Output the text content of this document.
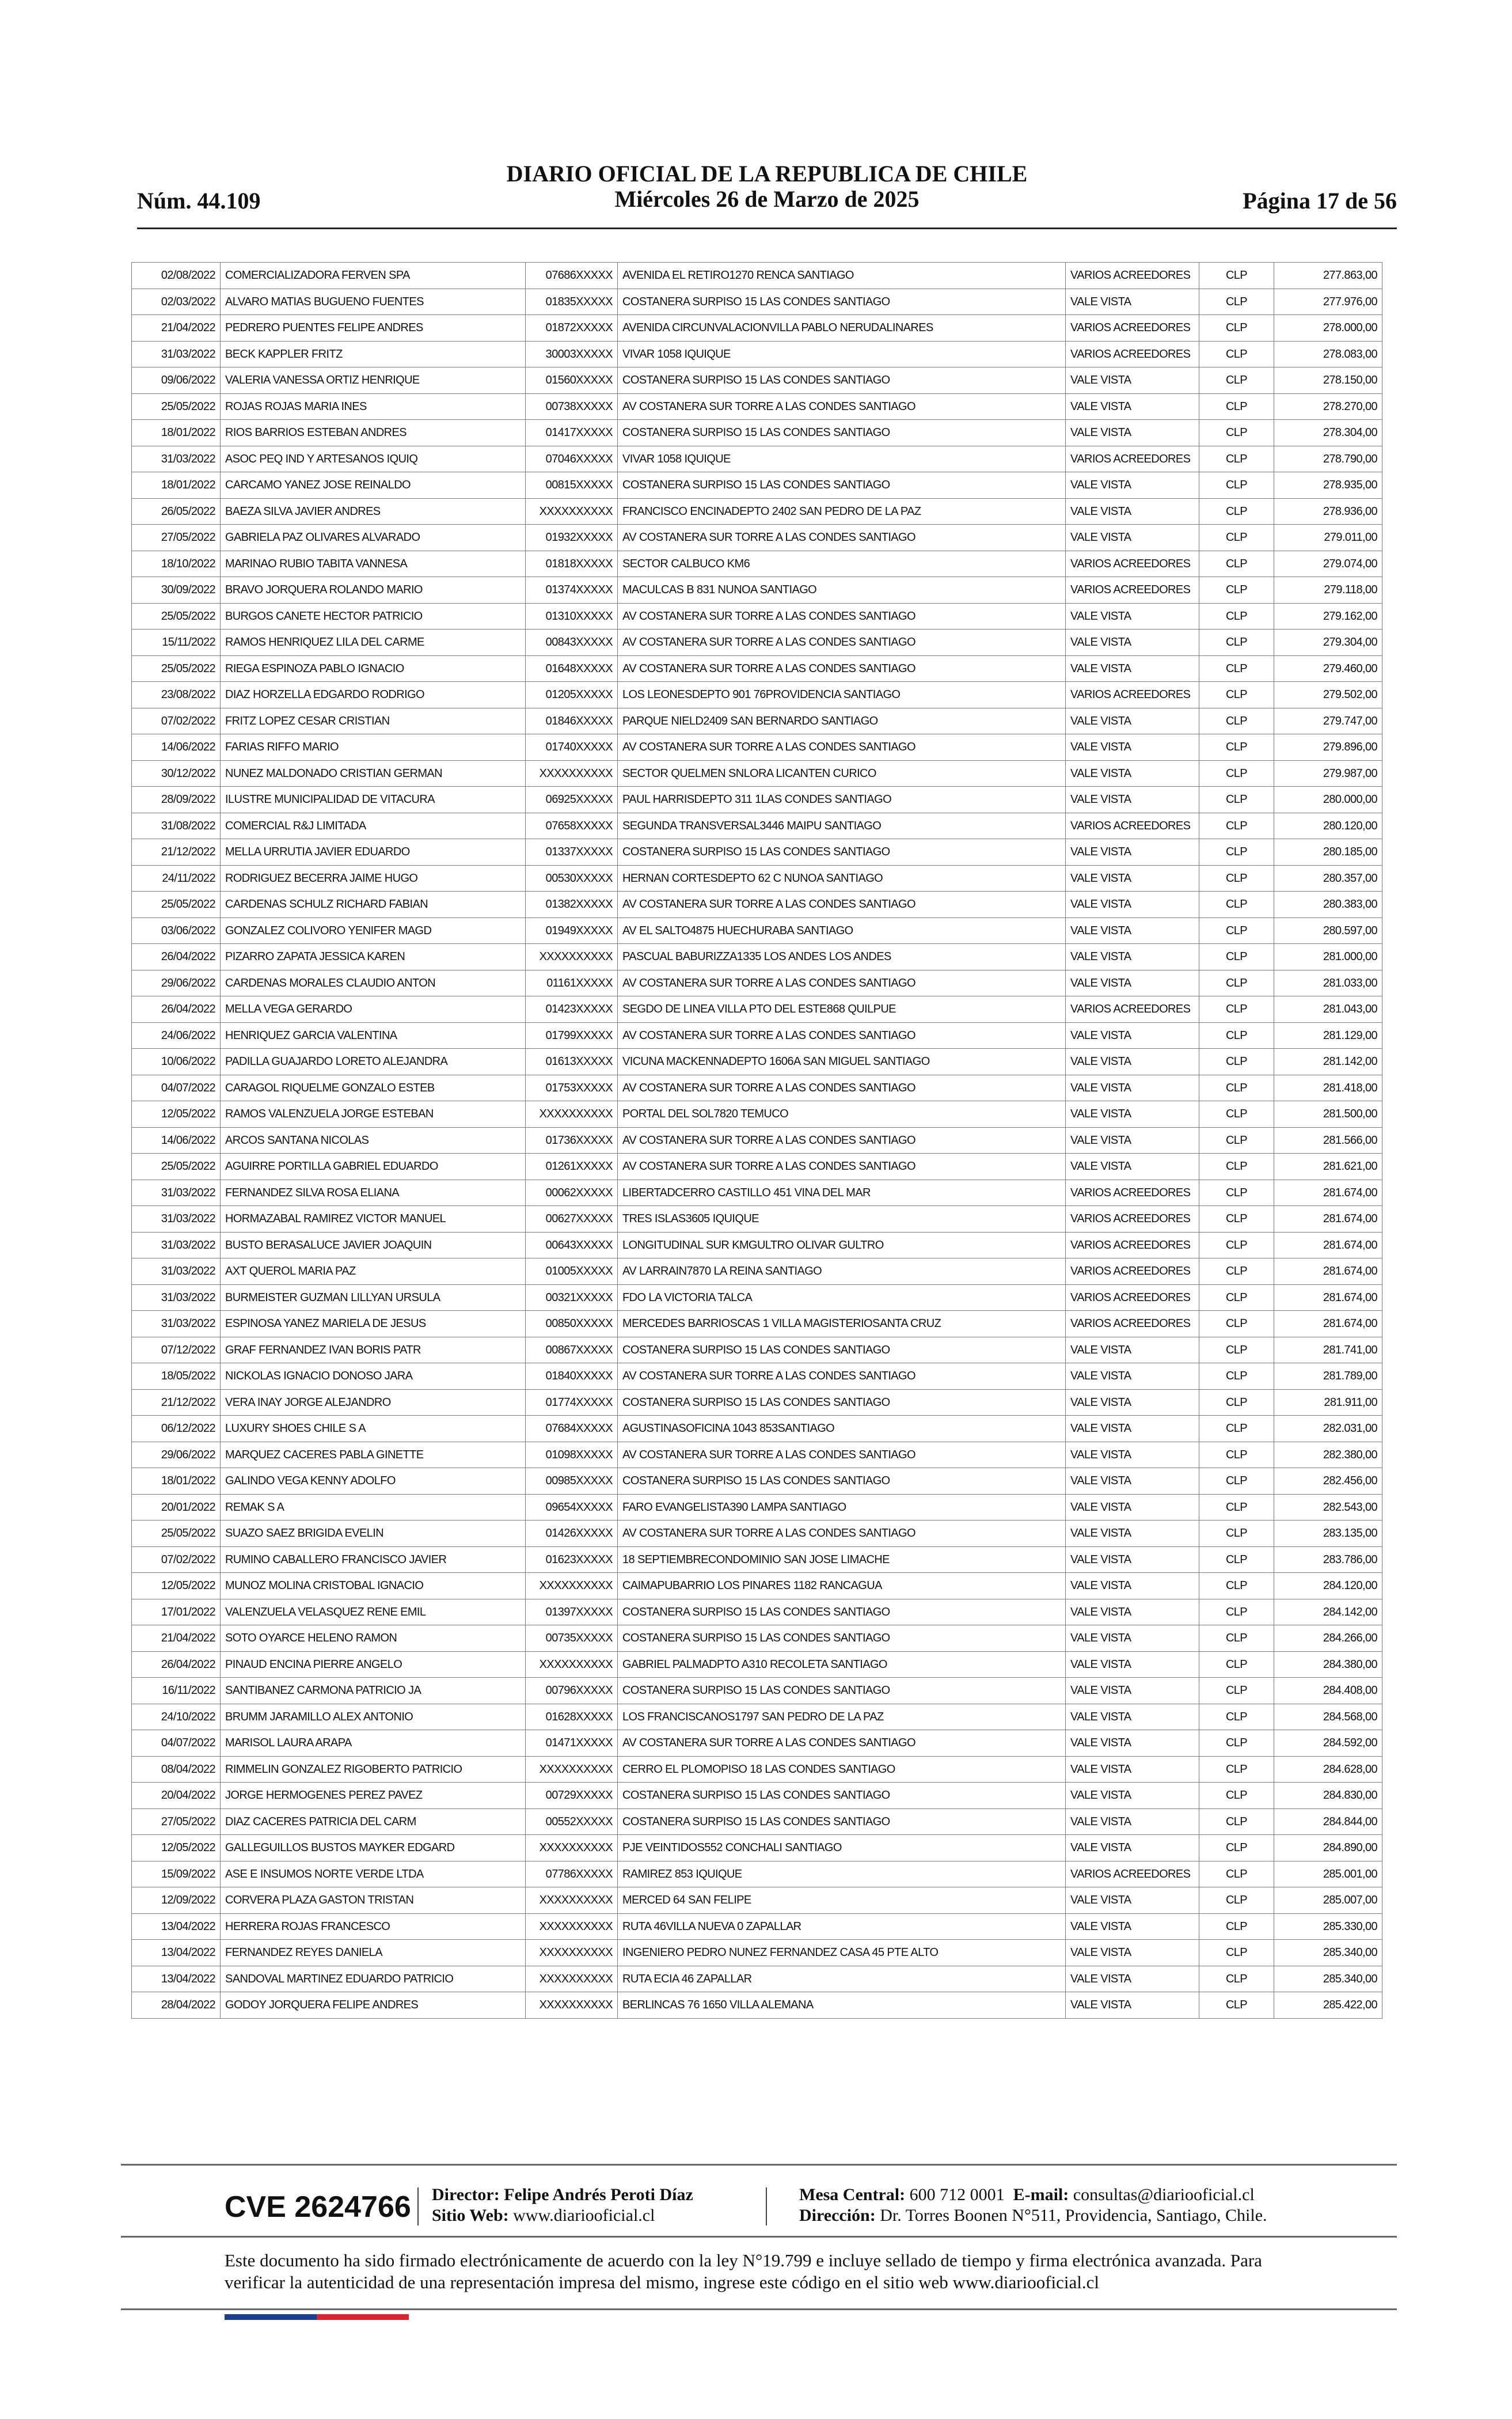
Núm. 44.109
DIARIO OFICIAL DE LA REPUBLICA DE CHILE
Miércoles 26 de Marzo de 2025	Página 17 de 56
02/08/2022	COMERCIALIZADORA FERVEN SPA	07686XXXXX	AVENIDA EL RETIRO1270 RENCA SANTIAGO	VARIOS ACREEDORES	CLP	277.863,00
02/03/2022	ALVARO MATIAS BUGUENO FUENTES	01835XXXXX	COSTANERA SURPISO 15 LAS CONDES SANTIAGO	VALE VISTA	CLP	277.976,00
21/04/2022	PEDRERO PUENTES FELIPE ANDRES	01872XXXXX	AVENIDA CIRCUNVALACIONVILLA PABLO NERUDALINARES	VARIOS ACREEDORES	CLP	278.000,00
31/03/2022	BECK KAPPLER FRITZ	30003XXXXX	VIVAR 1058 IQUIQUE	VARIOS ACREEDORES	CLP	278.083,00
09/06/2022	VALERIA VANESSA ORTIZ HENRIQUE	01560XXXXX	COSTANERA SURPISO 15 LAS CONDES SANTIAGO	VALE VISTA	CLP	278.150,00
25/05/2022	ROJAS ROJAS MARIA INES	00738XXXXX	AV COSTANERA SUR TORRE A LAS CONDES SANTIAGO	VALE VISTA	CLP	278.270,00
18/01/2022	RIOS BARRIOS ESTEBAN ANDRES	01417XXXXX	COSTANERA SURPISO 15 LAS CONDES SANTIAGO	VALE VISTA	CLP	278.304,00
31/03/2022	ASOC PEQ IND Y ARTESANOS IQUIQ	07046XXXXX	VIVAR 1058 IQUIQUE	VARIOS ACREEDORES	CLP	278.790,00
18/01/2022	CARCAMO YANEZ JOSE REINALDO	00815XXXXX	COSTANERA SURPISO 15 LAS CONDES SANTIAGO	VALE VISTA	CLP	278.935,00
26/05/2022	BAEZA SILVA JAVIER ANDRES	XXXXXXXXXX	FRANCISCO ENCINADEPTO 2402 SAN PEDRO DE LA PAZ	VALE VISTA	CLP	278.936,00
27/05/2022	GABRIELA PAZ OLIVARES ALVARADO	01932XXXXX	AV COSTANERA SUR TORRE A LAS CONDES SANTIAGO	VALE VISTA	CLP	279.011,00
18/10/2022	MARINAO RUBIO TABITA VANNESA	01818XXXXX	SECTOR CALBUCO KM6	VARIOS ACREEDORES	CLP	279.074,00
30/09/2022	BRAVO JORQUERA ROLANDO MARIO	01374XXXXX	MACULCAS B 831 NUNOA SANTIAGO	VARIOS ACREEDORES	CLP	279.118,00
25/05/2022	BURGOS CANETE HECTOR PATRICIO	01310XXXXX	AV COSTANERA SUR TORRE A LAS CONDES SANTIAGO	VALE VISTA	CLP	279.162,00
15/11/2022	RAMOS HENRIQUEZ LILA DEL CARME	00843XXXXX	AV COSTANERA SUR TORRE A LAS CONDES SANTIAGO	VALE VISTA	CLP	279.304,00
25/05/2022	RIEGA ESPINOZA PABLO IGNACIO	01648XXXXX	AV COSTANERA SUR TORRE A LAS CONDES SANTIAGO	VALE VISTA	CLP	279.460,00
23/08/2022	DIAZ HORZELLA EDGARDO RODRIGO	01205XXXXX	LOS LEONESDEPTO 901 76PROVIDENCIA SANTIAGO	VARIOS ACREEDORES	CLP	279.502,00
07/02/2022	FRITZ LOPEZ CESAR CRISTIAN	01846XXXXX	PARQUE NIELD2409 SAN BERNARDO SANTIAGO	VALE VISTA	CLP	279.747,00
14/06/2022	FARIAS RIFFO MARIO	01740XXXXX	AV COSTANERA SUR TORRE A LAS CONDES SANTIAGO	VALE VISTA	CLP	279.896,00
30/12/2022	NUNEZ MALDONADO CRISTIAN GERMAN	XXXXXXXXXX	SECTOR QUELMEN SNLORA LICANTEN CURICO	VALE VISTA	CLP	279.987,00
28/09/2022	ILUSTRE MUNICIPALIDAD DE VITACURA	06925XXXXX	PAUL HARRISDEPTO 311 1LAS CONDES SANTIAGO	VALE VISTA	CLP	280.000,00
31/08/2022	COMERCIAL R&J LIMITADA	07658XXXXX	SEGUNDA TRANSVERSAL3446 MAIPU SANTIAGO	VARIOS ACREEDORES	CLP	280.120,00
21/12/2022	MELLA URRUTIA JAVIER EDUARDO	01337XXXXX	COSTANERA SURPISO 15 LAS CONDES SANTIAGO	VALE VISTA	CLP	280.185,00
24/11/2022	RODRIGUEZ BECERRA JAIME HUGO	00530XXXXX	HERNAN CORTESDEPTO 62 C NUNOA SANTIAGO	VALE VISTA	CLP	280.357,00
25/05/2022	CARDENAS SCHULZ RICHARD FABIAN	01382XXXXX	AV COSTANERA SUR TORRE A LAS CONDES SANTIAGO	VALE VISTA	CLP	280.383,00
03/06/2022	GONZALEZ COLIVORO YENIFER MAGD	01949XXXXX	AV EL SALTO4875 HUECHURABA SANTIAGO	VALE VISTA	CLP	280.597,00
26/04/2022	PIZARRO ZAPATA JESSICA KAREN	XXXXXXXXXX	PASCUAL BABURIZZA1335 LOS ANDES LOS ANDES	VALE VISTA	CLP	281.000,00
29/06/2022	CARDENAS MORALES CLAUDIO ANTON	01161XXXXX	AV COSTANERA SUR TORRE A LAS CONDES SANTIAGO	VALE VISTA	CLP	281.033,00
26/04/2022	MELLA VEGA GERARDO	01423XXXXX	SEGDO DE LINEA VILLA PTO DEL ESTE868 QUILPUE	VARIOS ACREEDORES	CLP	281.043,00
24/06/2022	HENRIQUEZ GARCIA VALENTINA	01799XXXXX	AV COSTANERA SUR TORRE A LAS CONDES SANTIAGO	VALE VISTA	CLP	281.129,00
10/06/2022	PADILLA GUAJARDO LORETO ALEJANDRA	01613XXXXX	VICUNA MACKENNADEPTO 1606A SAN MIGUEL SANTIAGO	VALE VISTA	CLP	281.142,00
04/07/2022	CARAGOL RIQUELME GONZALO ESTEB	01753XXXXX	AV COSTANERA SUR TORRE A LAS CONDES SANTIAGO	VALE VISTA	CLP	281.418,00
12/05/2022	RAMOS VALENZUELA JORGE ESTEBAN	XXXXXXXXXX	PORTAL DEL SOL7820 TEMUCO	VALE VISTA	CLP	281.500,00
14/06/2022	ARCOS SANTANA NICOLAS	01736XXXXX	AV COSTANERA SUR TORRE A LAS CONDES SANTIAGO	VALE VISTA	CLP	281.566,00
25/05/2022	AGUIRRE PORTILLA GABRIEL EDUARDO	01261XXXXX	AV COSTANERA SUR TORRE A LAS CONDES SANTIAGO	VALE VISTA	CLP	281.621,00
31/03/2022	FERNANDEZ SILVA ROSA ELIANA	00062XXXXX	LIBERTADCERRO CASTILLO 451 VINA DEL MAR	VARIOS ACREEDORES	CLP	281.674,00
31/03/2022	HORMAZABAL RAMIREZ VICTOR MANUEL	00627XXXXX	TRES ISLAS3605 IQUIQUE	VARIOS ACREEDORES	CLP	281.674,00
31/03/2022	BUSTO BERASALUCE JAVIER JOAQUIN	00643XXXXX	LONGITUDINAL SUR KMGULTRO OLIVAR GULTRO	VARIOS ACREEDORES	CLP	281.674,00
31/03/2022	AXT QUEROL MARIA PAZ	01005XXXXX	AV LARRAIN7870 LA REINA SANTIAGO	VARIOS ACREEDORES	CLP	281.674,00
31/03/2022	BURMEISTER GUZMAN LILLYAN URSULA	00321XXXXX	FDO LA VICTORIA TALCA	VARIOS ACREEDORES	CLP	281.674,00
31/03/2022	ESPINOSA YANEZ MARIELA DE JESUS	00850XXXXX	MERCEDES BARRIOSCAS 1 VILLA MAGISTERIOSANTA CRUZ	VARIOS ACREEDORES	CLP	281.674,00
07/12/2022	GRAF FERNANDEZ IVAN BORIS PATR	00867XXXXX	COSTANERA SURPISO 15 LAS CONDES SANTIAGO	VALE VISTA	CLP	281.741,00
18/05/2022	NICKOLAS IGNACIO DONOSO JARA	01840XXXXX	AV COSTANERA SUR TORRE A LAS CONDES SANTIAGO	VALE VISTA	CLP	281.789,00
21/12/2022	VERA INAY JORGE ALEJANDRO	01774XXXXX	COSTANERA SURPISO 15 LAS CONDES SANTIAGO	VALE VISTA	CLP	281.911,00
06/12/2022	LUXURY SHOES CHILE S A	07684XXXXX	AGUSTINASOFICINA 1043 853SANTIAGO	VALE VISTA	CLP	282.031,00
29/06/2022	MARQUEZ CACERES PABLA GINETTE	01098XXXXX	AV COSTANERA SUR TORRE A LAS CONDES SANTIAGO	VALE VISTA	CLP	282.380,00
18/01/2022	GALINDO VEGA KENNY ADOLFO	00985XXXXX	COSTANERA SURPISO 15 LAS CONDES SANTIAGO	VALE VISTA	CLP	282.456,00
20/01/2022	REMAK S A	09654XXXXX	FARO EVANGELISTA390 LAMPA SANTIAGO	VALE VISTA	CLP	282.543,00
25/05/2022	SUAZO SAEZ BRIGIDA EVELIN	01426XXXXX	AV COSTANERA SUR TORRE A LAS CONDES SANTIAGO	VALE VISTA	CLP	283.135,00
07/02/2022	RUMINO CABALLERO FRANCISCO JAVIER	01623XXXXX	18 SEPTIEMBRECONDOMINIO SAN JOSE LIMACHE	VALE VISTA	CLP	283.786,00
12/05/2022	MUNOZ MOLINA CRISTOBAL IGNACIO	XXXXXXXXXX	CAIMAPUBARRIO LOS PINARES 1182 RANCAGUA	VALE VISTA	CLP	284.120,00
17/01/2022	VALENZUELA VELASQUEZ RENE EMIL	01397XXXXX	COSTANERA SURPISO 15 LAS CONDES SANTIAGO	VALE VISTA	CLP	284.142,00
21/04/2022	SOTO OYARCE HELENO RAMON	00735XXXXX	COSTANERA SURPISO 15 LAS CONDES SANTIAGO	VALE VISTA	CLP	284.266,00
26/04/2022	PINAUD ENCINA PIERRE ANGELO	XXXXXXXXXX	GABRIEL PALMADPTO A310 RECOLETA SANTIAGO	VALE VISTA	CLP	284.380,00
16/11/2022	SANTIBANEZ CARMONA PATRICIO JA	00796XXXXX	COSTANERA SURPISO 15 LAS CONDES SANTIAGO	VALE VISTA	CLP	284.408,00
24/10/2022	BRUMM JARAMILLO ALEX ANTONIO	01628XXXXX	LOS FRANCISCANOS1797 SAN PEDRO DE LA PAZ	VALE VISTA	CLP	284.568,00
04/07/2022	MARISOL LAURA ARAPA	01471XXXXX	AV COSTANERA SUR TORRE A LAS CONDES SANTIAGO	VALE VISTA	CLP	284.592,00
08/04/2022	RIMMELIN GONZALEZ RIGOBERTO PATRICIO	XXXXXXXXXX	CERRO EL PLOMOPISO 18 LAS CONDES SANTIAGO	VALE VISTA	CLP	284.628,00
20/04/2022	JORGE HERMOGENES PEREZ PAVEZ	00729XXXXX	COSTANERA SURPISO 15 LAS CONDES SANTIAGO	VALE VISTA	CLP	284.830,00
27/05/2022	DIAZ CACERES PATRICIA DEL CARM	00552XXXXX	COSTANERA SURPISO 15 LAS CONDES SANTIAGO	VALE VISTA	CLP	284.844,00
12/05/2022	GALLEGUILLOS BUSTOS MAYKER EDGARD	XXXXXXXXXX	PJE VEINTIDOS552 CONCHALI SANTIAGO	VALE VISTA	CLP	284.890,00
15/09/2022	ASE E INSUMOS NORTE VERDE LTDA	07786XXXXX	RAMIREZ 853 IQUIQUE	VARIOS ACREEDORES	CLP	285.001,00
12/09/2022	CORVERA PLAZA GASTON TRISTAN	XXXXXXXXXX	MERCED 64 SAN FELIPE	VALE VISTA	CLP	285.007,00
13/04/2022	HERRERA ROJAS FRANCESCO	XXXXXXXXXX	RUTA 46VILLA NUEVA 0 ZAPALLAR	VALE VISTA	CLP	285.330,00
13/04/2022	FERNANDEZ REYES DANIELA	XXXXXXXXXX	INGENIERO PEDRO NUNEZ FERNANDEZ CASA 45 PTE ALTO	VALE VISTA	CLP	285.340,00
13/04/2022	SANDOVAL MARTINEZ EDUARDO PATRICIO	XXXXXXXXXX	RUTA ECIA 46 ZAPALLAR	VALE VISTA	CLP	285.340,00
28/04/2022	GODOY JORQUERA FELIPE ANDRES	XXXXXXXXXX	BERLINCAS 76 1650 VILLA ALEMANA	VALE VISTA	CLP	285.422,00
CVE 2624766 Director: Felipe Andrés Peroti Díaz
Sitio Web: www.diariooficial.cl
Mesa Central: 600 712 0001 E-mail: consultas@diariooficial.cl
Dirección: Dr. Torres Boonen N°511, Providencia, Santiago, Chile.
Este documento ha sido firmado electrónicamente de acuerdo con la ley N°19.799 e incluye sellado de tiempo y firma electrónica avanzada. Para verificar la autenticidad de una representación impresa del mismo, ingrese este código en el sitio web www.diariooficial.cl
